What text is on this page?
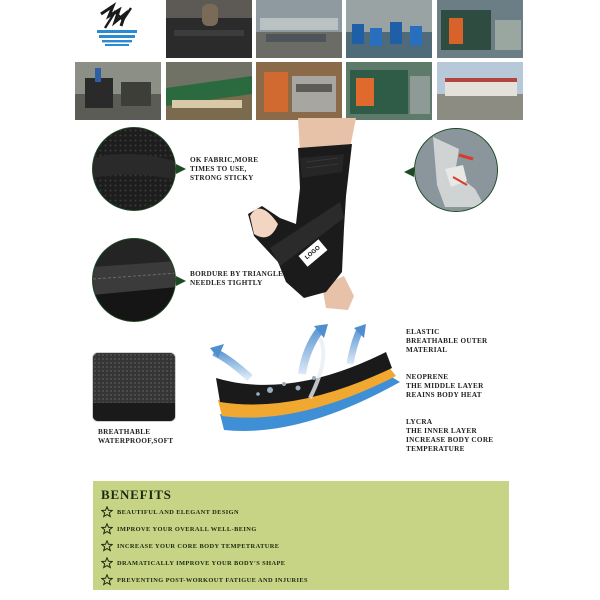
OK FABRIC,MORE TIMES TO USE, STRONG STICKY
BORDURE BY TRIANGLE NEEDLES TIGHTLY
LOGO
BREATHABLE WATERPROOF,SOFT
ELASTIC
BREATHABLE OUTER MATERIAL
NEOPRENE
THE MIDDLE LAYER REAINS BODY HEAT
LYCRA
THE INNER LAYER INCREASE BODY CORE TEMPERATURE
BENEFITS
BEAUTIFUL AND ELEGANT DESIGN
IMPROVE YOUR OVERALL WELL-BEING
INCREASE YOUR CORE BODY TEMPETRATURE
DRAMATICALLY IMPROVE YOUR BODY'S SHAPE
PREVENTING POST-WORKOUT FATIGUE AND INJURIES
